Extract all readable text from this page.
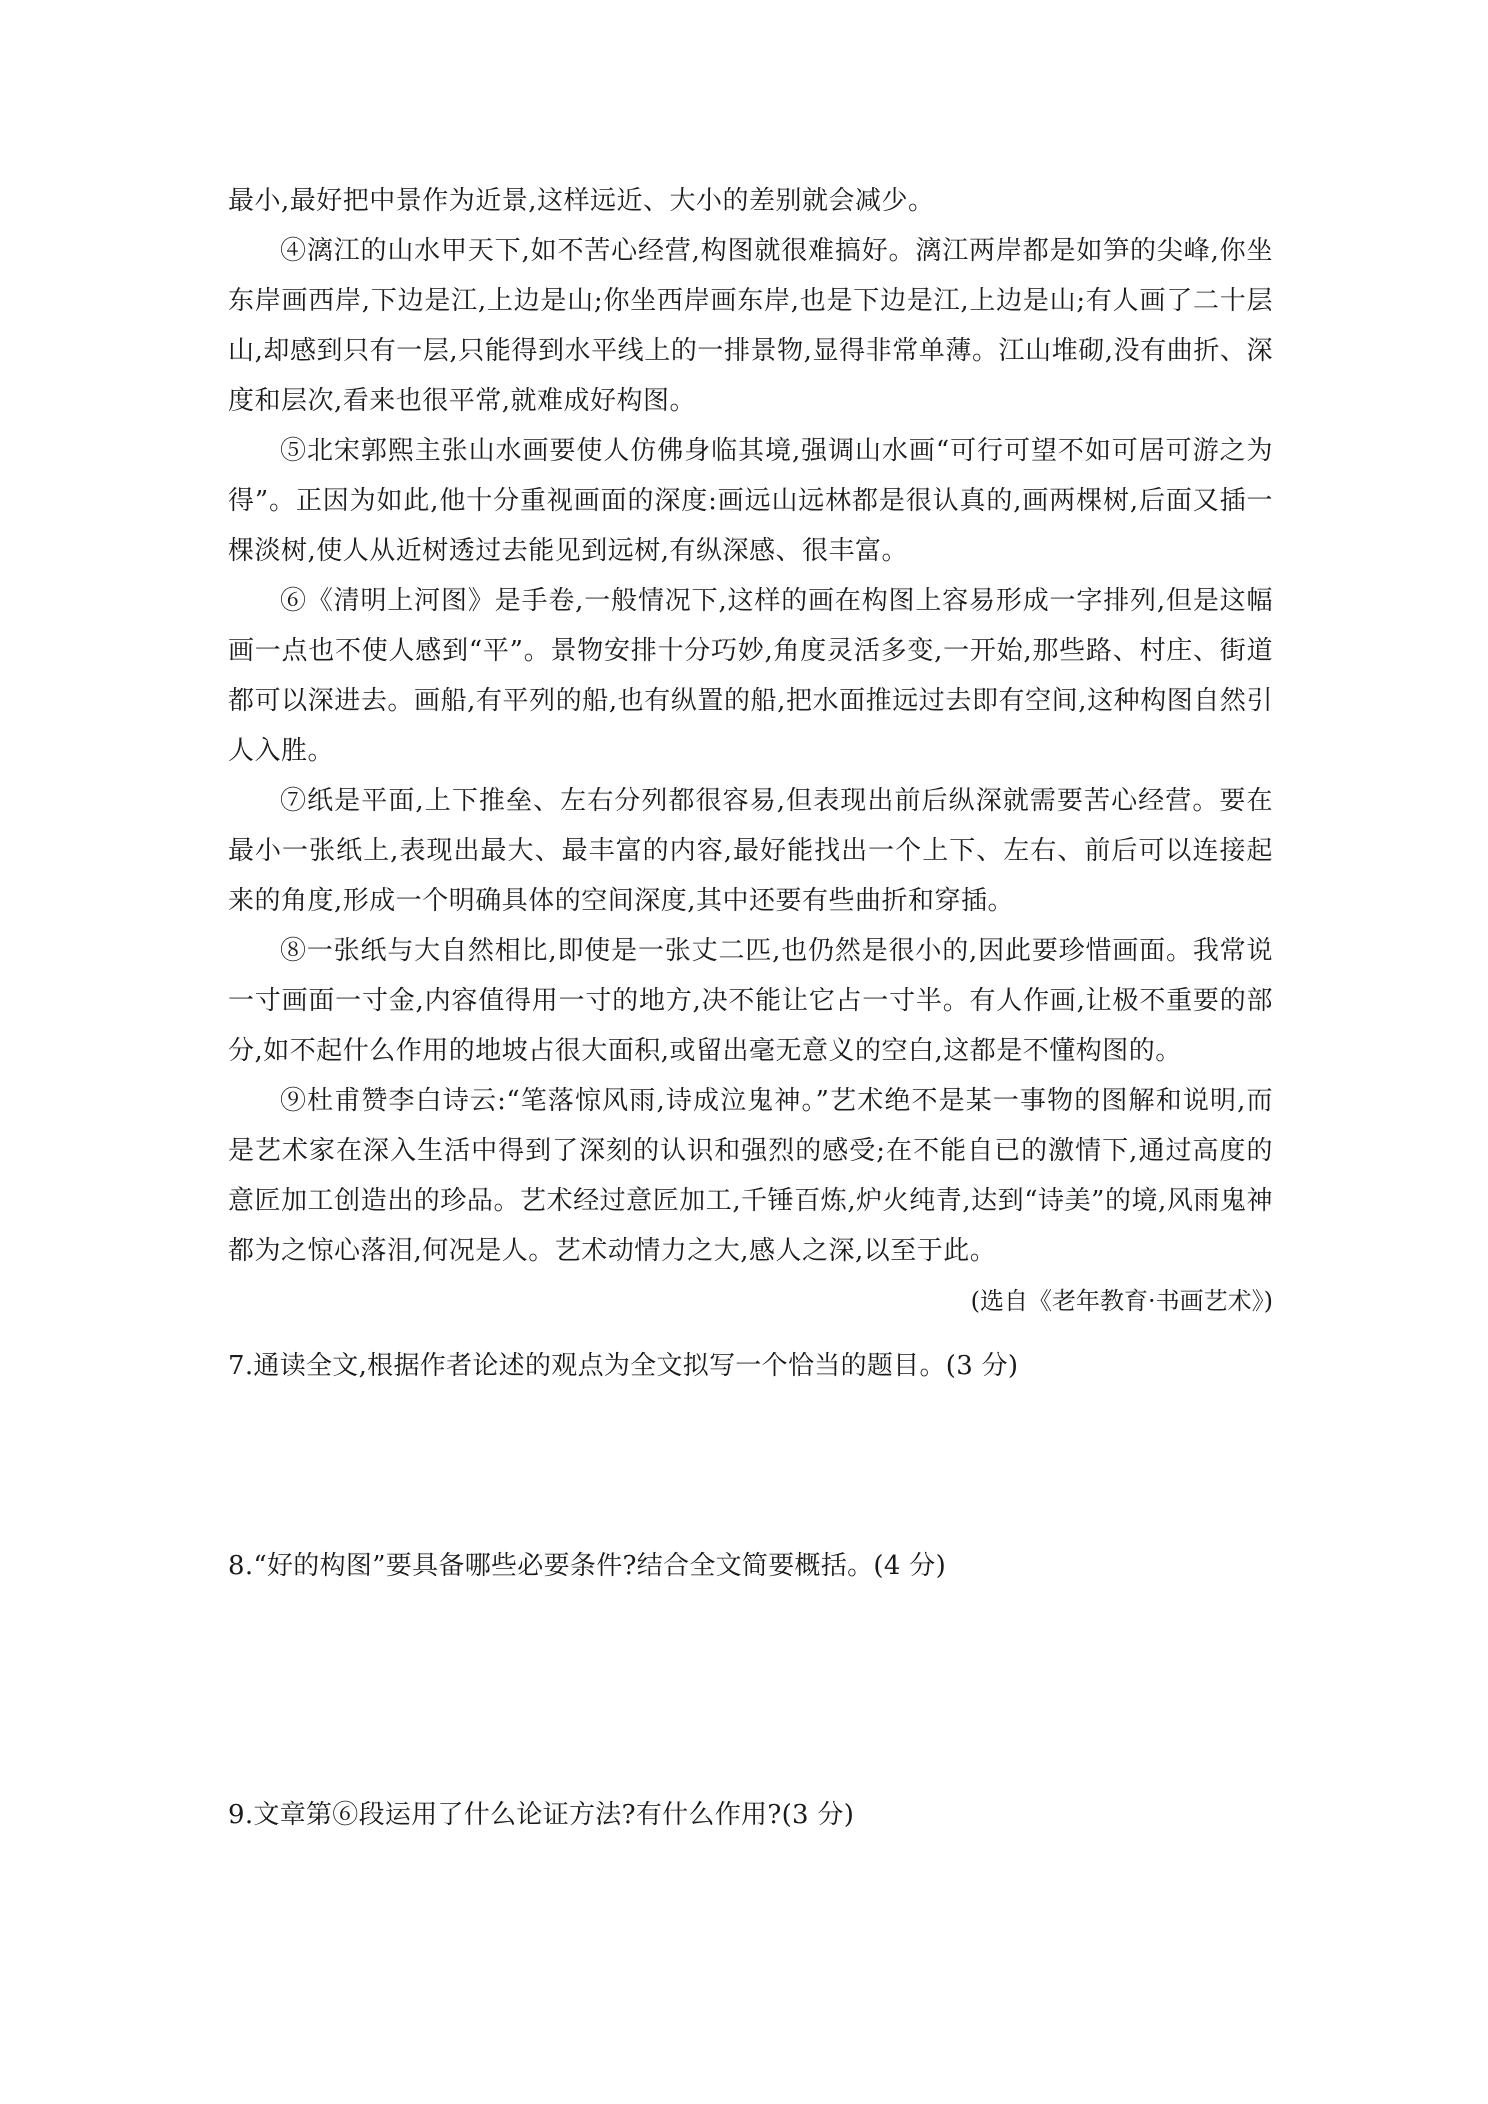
最小,最好把中景作为近景,这样远近、大小的差别就会减少。

④漓江的山水甲天下,如不苦心经营,构图就很难搞好。漓江两岸都是如笋的尖峰,你坐东岸画西岸,下边是江,上边是山;你坐西岸画东岸,也是下边是江,上边是山;有人画了二十层山,却感到只有一层,只能得到水平线上的一排景物,显得非常单薄。江山堆砌,没有曲折、深度和层次,看来也很平常,就难成好构图。

⑤北宋郭熙主张山水画要使人仿佛身临其境,强调山水画“可行可望不如可居可游之为得”。正因为如此,他十分重视画面的深度:画远山远林都是很认真的,画两棵树,后面又插一棵淡树,使人从近树透过去能见到远树,有纵深感、很丰富。

⑥《清明上河图》是手卷,一般情况下,这样的画在构图上容易形成一字排列,但是这幅画一点也不使人感到“平”。景物安排十分巧妙,角度灵活多变,一开始,那些路、村庄、街道都可以深进去。画船,有平列的船,也有纵置的船,把水面推远过去即有空间,这种构图自然引人入胜。

⑦纸是平面,上下推垒、左右分列都很容易,但表现出前后纵深就需要苦心经营。要在最小一张纸上,表现出最大、最丰富的内容,最好能找出一个上下、左右、前后可以连接起来的角度,形成一个明确具体的空间深度,其中还要有些曲折和穿插。

⑧一张纸与大自然相比,即使是一张丈二匹,也仍然是很小的,因此要珍惜画面。我常说一寸画面一寸金,内容值得用一寸的地方,决不能让它占一寸半。有人作画,让极不重要的部分,如不起什么作用的地坡占很大面积,或留出毫无意义的空白,这都是不懂构图的。

⑨杜甫赞李白诗云:“笔落惊风雨,诗成泣鬼神。”艺术绝不是某一事物的图解和说明,而是艺术家在深入生活中得到了深刻的认识和强烈的感受;在不能自已的激情下,通过高度的意匠加工创造出的珍品。艺术经过意匠加工,千锤百炼,炉火纯青,达到“诗美”的境,风雨鬼神都为之惊心落泪,何况是人。艺术动情力之大,感人之深,以至于此。

(选自《老年教育·书画艺术》)

7.通读全文,根据作者论述的观点为全文拟写一个恰当的题目。(3 分)

8.“好的构图”要具备哪些必要条件?结合全文简要概括。(4 分)

9.文章第⑥段运用了什么论证方法?有什么作用?(3 分)
